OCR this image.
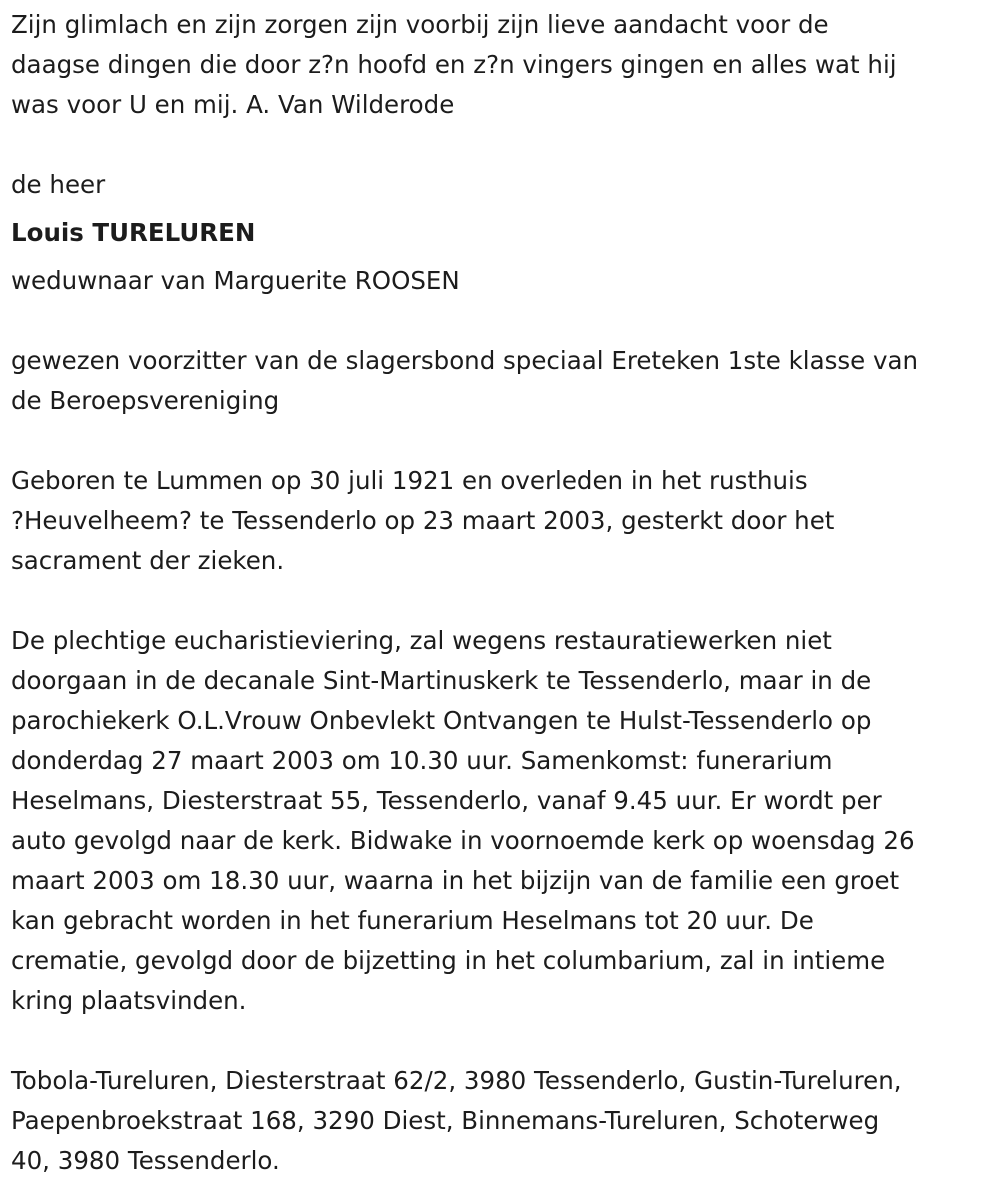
Zijn glimlach en zijn zorgen zijn voorbij zijn lieve aandacht voor de
daagse dingen die door z?n hoofd en z?n vingers gingen en alles wat hij
was voor U en mij. A. Van Wilderode

de heer

Louis TURELUREN

weduwnaar van Marguerite ROOSEN

gewezen voorzitter van de slagersbond speciaal Ereteken 1ste klasse van
de Beroepsvereniging

Geboren te Lummen op 30 juli 1921 en overleden in het rusthuis
?Heuvelheem? te Tessenderlo op 23 maart 2003, gesterkt door het
sacrament der zieken.

De plechtige eucharistieviering, zal wegens restauratiewerken niet
doorgaan in de decanale Sint-Martinuskerk te Tessenderlo, maar in de
parochiekerk O.L.Vrouw Onbevlekt Ontvangen te Hulst-Tessenderlo op
donderdag 27 maart 2003 om 10.30 uur. Samenkomst: funerarium
Heselmans, Diesterstraat 55, Tessenderlo, vanaf 9.45 uur. Er wordt per
auto gevolgd naar de kerk. Bidwake in voornoemde kerk op woensdag 26
maart 2003 om 18.30 uur, waarna in het bijzijn van de familie een groet
kan gebracht worden in het funerarium Heselmans tot 20 uur. De
crematie, gevolgd door de bijzetting in het columbarium, zal in intieme
kring plaatsvinden.

Tobola-Tureluren, Diesterstraat 62/2, 3980 Tessenderlo, Gustin-Tureluren,
Paepenbroekstraat 168, 3290 Diest, Binnemans-Tureluren, Schoterweg
40, 3980 Tessenderlo.
